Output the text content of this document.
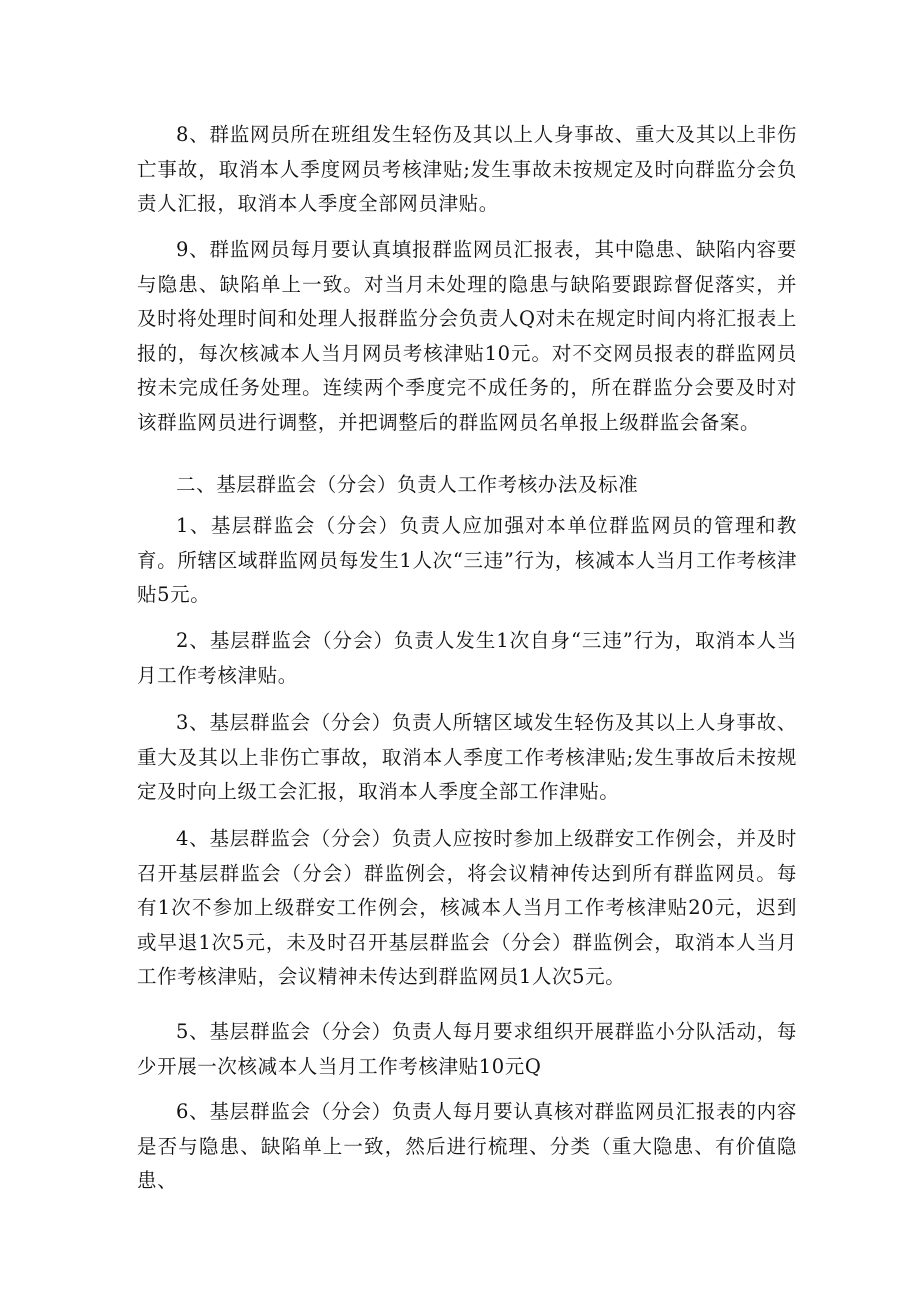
8、群监网员所在班组发生轻伤及其以上人身事故、重大及其以上非伤亡事故，取消本人季度网员考核津贴;发生事故未按规定及时向群监分会负责人汇报，取消本人季度全部网员津贴。

9、群监网员每月要认真填报群监网员汇报表，其中隐患、缺陷内容要与隐患、缺陷单上一致。对当月未处理的隐患与缺陷要跟踪督促落实，并及时将处理时间和处理人报群监分会负责人Q对未在规定时间内将汇报表上报的，每次核减本人当月网员考核津贴10元。对不交网员报表的群监网员按未完成任务处理。连续两个季度完不成任务的，所在群监分会要及时对该群监网员进行调整，并把调整后的群监网员名单报上级群监会备案。

二、基层群监会（分会）负责人工作考核办法及标准

1、基层群监会（分会）负责人应加强对本单位群监网员的管理和教育。所辖区域群监网员每发生1人次“三违”行为，核减本人当月工作考核津贴5元。

2、基层群监会（分会）负责人发生1次自身“三违”行为，取消本人当月工作考核津贴。

3、基层群监会（分会）负责人所辖区域发生轻伤及其以上人身事故、重大及其以上非伤亡事故，取消本人季度工作考核津贴;发生事故后未按规定及时向上级工会汇报，取消本人季度全部工作津贴。

4、基层群监会（分会）负责人应按时参加上级群安工作例会，并及时召开基层群监会（分会）群监例会，将会议精神传达到所有群监网员。每有1次不参加上级群安工作例会，核减本人当月工作考核津贴20元，迟到或早退1次5元，未及时召开基层群监会（分会）群监例会，取消本人当月工作考核津贴，会议精神未传达到群监网员1人次5元。

5、基层群监会（分会）负责人每月要求组织开展群监小分队活动，每少开展一次核减本人当月工作考核津贴10元Q

6、基层群监会（分会）负责人每月要认真核对群监网员汇报表的内容是否与隐患、缺陷单上一致，然后进行梳理、分类（重大隐患、有价值隐患、
